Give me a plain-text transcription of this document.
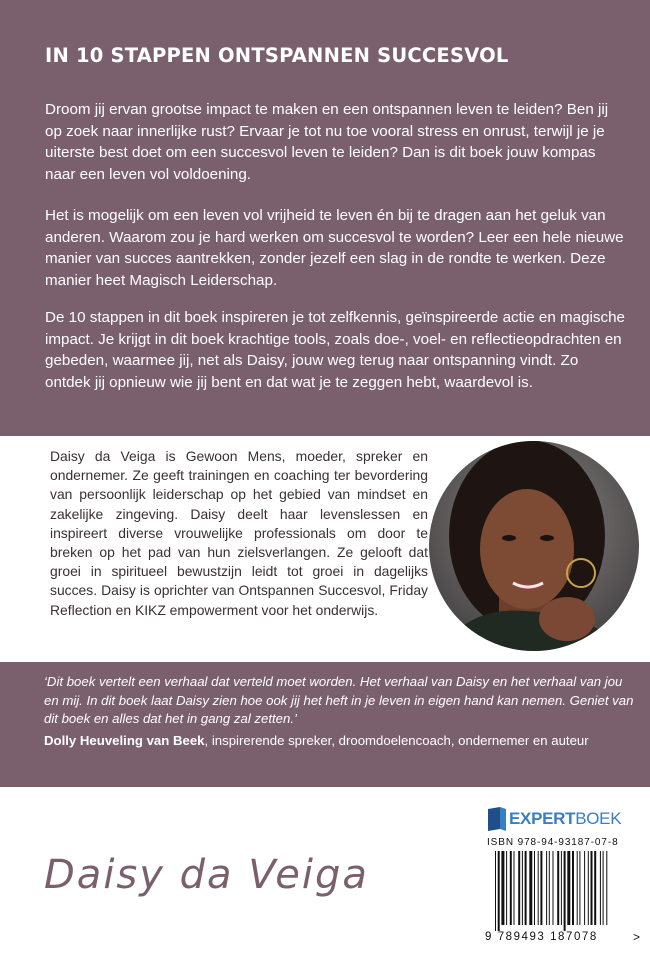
IN 10 STAPPEN ONTSPANNEN SUCCESVOL

Droom jij ervan grootse impact te maken en een ontspannen leven te leiden? Ben jij op zoek naar innerlijke rust? Ervaar je tot nu toe vooral stress en onrust, terwijl je je uiterste best doet om een succesvol leven te leiden? Dan is dit boek jouw kompas naar een leven vol voldoening.

Het is mogelijk om een leven vol vrijheid te leven én bij te dragen aan het geluk van anderen. Waarom zou je hard werken om succesvol te worden? Leer een hele nieuwe manier van succes aantrekken, zonder jezelf een slag in de rondte te werken. Deze manier heet Magisch Leiderschap.

De 10 stappen in dit boek inspireren je tot zelfkennis, geïnspireerde actie en magische impact. Je krijgt in dit boek krachtige tools, zoals doe-, voel- en reflectieopdrachten en gebeden, waarmee jij, net als Daisy, jouw weg terug naar ontspanning vindt. Zo ontdek jij opnieuw wie jij bent en dat wat je te zeggen hebt, waardevol is.

Daisy da Veiga is Gewoon Mens, moeder, spreker en ondernemer. Ze geeft trainingen en coaching ter bevordering van persoonlijk leiderschap op het gebied van mindset en zakelijke zingeving. Daisy deelt haar levenslessen en inspireert diverse vrouwelijke professionals om door te breken op het pad van hun zielsverlangen. Ze gelooft dat groei in spiritueel bewustzijn leidt tot groei in dagelijks succes. Daisy is oprichter van Ontspannen Succesvol, Friday Reflection en KIKZ empowerment voor het onderwijs.

‘Dit boek vertelt een verhaal dat verteld moet worden. Het verhaal van Daisy en het verhaal van jou en mij. In dit boek laat Daisy zien hoe ook jij het heft in je leven in eigen hand kan nemen. Geniet van dit boek en alles dat het in gang zal zetten.’

Dolly Heuveling van Beek, inspirerende spreker, droomdoelencoach, ondernemer en auteur

Daisy da Veiga
EXPERTBOEK

ISBN 978-94-93187-07-8

9 789493 187078	>
